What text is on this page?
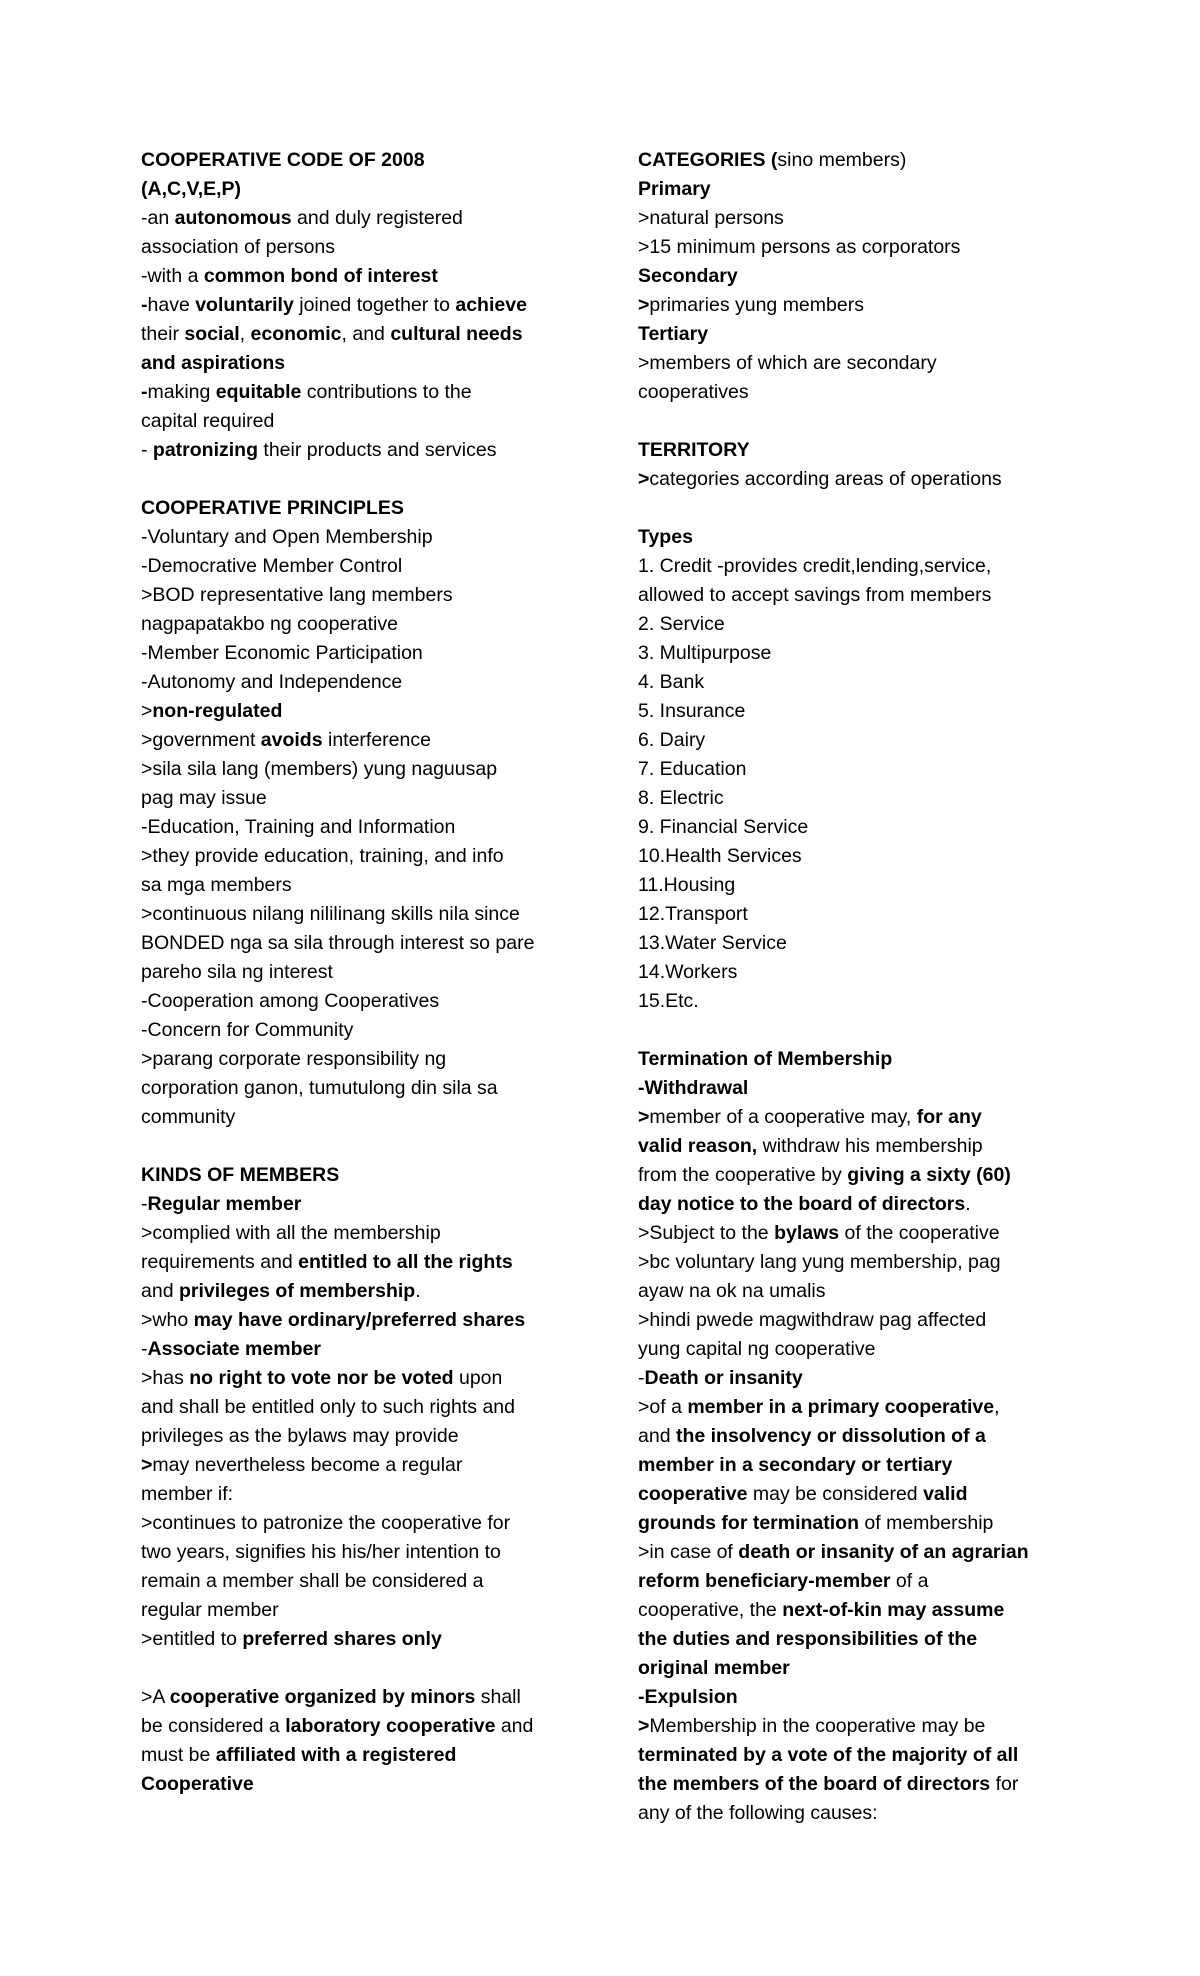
COOPERATIVE CODE OF 2008
(A,C,V,E,P)
-an autonomous and duly registered
association of persons
-with a common bond of interest
-have voluntarily joined together to achieve
their social, economic, and cultural needs
and aspirations
-making equitable contributions to the
capital required
- patronizing their products and services
COOPERATIVE PRINCIPLES
-Voluntary and Open Membership
-Democrative Member Control
>BOD representative lang members
nagpapatakbo ng cooperative
-Member Economic Participation
-Autonomy and Independence
>non-regulated
>government avoids interference
>sila sila lang (members) yung naguusap
pag may issue
-Education, Training and Information
>they provide education, training, and info
sa mga members
>continuous nilang nililinang skills nila since
BONDED nga sa sila through interest so pare
pareho sila ng interest
-Cooperation among Cooperatives
-Concern for Community
>parang corporate responsibility ng
corporation ganon, tumutulong din sila sa
community
KINDS OF MEMBERS
-Regular member
>complied with all the membership
requirements and entitled to all the rights
and privileges of membership.
>who may have ordinary/preferred shares
-Associate member
>has no right to vote nor be voted upon
and shall be entitled only to such rights and
privileges as the bylaws may provide
>may nevertheless become a regular
member if:
>continues to patronize the cooperative for
two years, signifies his his/her intention to
remain a member shall be considered a
regular member
>entitled to preferred shares only
>A cooperative organized by minors shall
be considered a laboratory cooperative and
must be affiliated with a registered
Cooperative
CATEGORIES (sino members)
Primary
>natural persons
>15 minimum persons as corporators
Secondary
>primaries yung members
Tertiary
>members of which are secondary
cooperatives
TERRITORY
>categories according areas of operations
Types
1. Credit -provides credit,lending,service,
allowed to accept savings from members
2. Service
3. Multipurpose
4. Bank
5. Insurance
6. Dairy
7. Education
8. Electric
9. Financial Service
10.Health Services
11.Housing
12.Transport
13.Water Service
14.Workers
15.Etc.
Termination of Membership
-Withdrawal
>member of a cooperative may, for any
valid reason, withdraw his membership
from the cooperative by giving a sixty (60)
day notice to the board of directors.
>Subject to the bylaws of the cooperative
>bc voluntary lang yung membership, pag
ayaw na ok na umalis
>hindi pwede magwithdraw pag affected
yung capital ng cooperative
-Death or insanity
>of a member in a primary cooperative,
and the insolvency or dissolution of a
member in a secondary or tertiary
cooperative may be considered valid
grounds for termination of membership
>in case of death or insanity of an agrarian
reform beneficiary-member of a
cooperative, the next-of-kin may assume
the duties and responsibilities of the
original member
-Expulsion
>Membership in the cooperative may be
terminated by a vote of the majority of all
the members of the board of directors for
any of the following causes:
